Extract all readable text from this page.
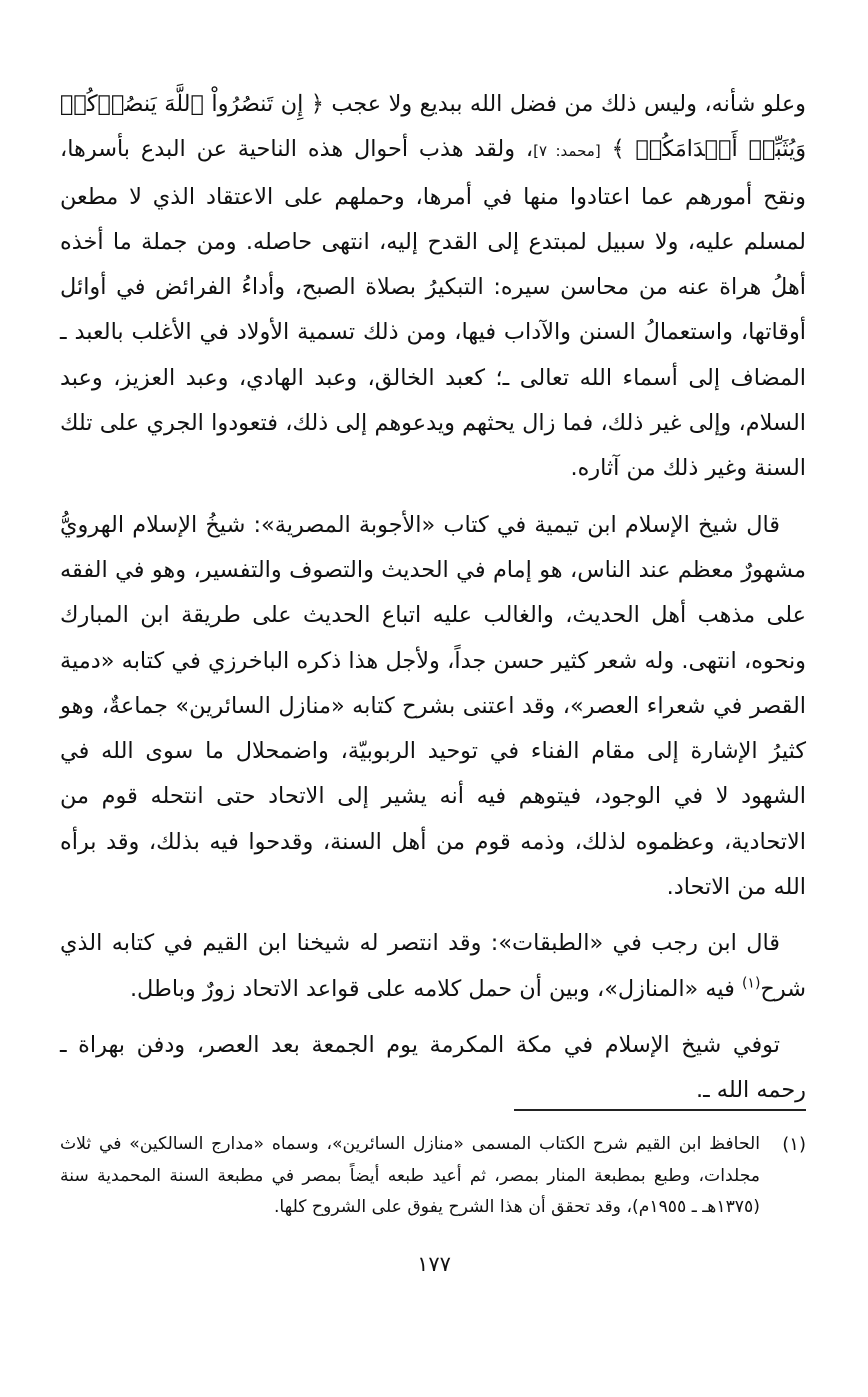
وعلو شأنه، وليس ذلك من فضل الله ببديع ولا عجب ﴿ إِن تَنصُرُواْ ٱللَّهَ يَنصُرۡكُمۡ وَيُثَبِّتۡ أَقۡدَامَكُمۡ ﴾ [محمد: ٧]، ولقد هذب أحوال هذه الناحية عن البدع بأسرها، ونقح أمورهم عما اعتادوا منها في أمرها، وحملهم على الاعتقاد الذي لا مطعن لمسلم عليه، ولا سبيل لمبتدع إلى القدح إليه، انتهى حاصله. ومن جملة ما أخذه أهلُ هراة عنه من محاسن سيره: التبكيرُ بصلاة الصبح، وأداءُ الفرائض في أوائل أوقاتها، واستعمالُ السنن والآداب فيها، ومن ذلك تسمية الأولاد في الأغلب بالعبد ـ المضاف إلى أسماء الله تعالى ـ؛ كعبد الخالق، وعبد الهادي، وعبد العزيز، وعبد السلام، وإلى غير ذلك، فما زال يحثهم ويدعوهم إلى ذلك، فتعودوا الجري على تلك السنة وغير ذلك من آثاره.

قال شيخ الإسلام ابن تيمية في كتاب «الأجوبة المصرية»: شيخُ الإسلام الهرويُّ مشهورٌ معظم عند الناس، هو إمام في الحديث والتصوف والتفسير، وهو في الفقه على مذهب أهل الحديث، والغالب عليه اتباع الحديث على طريقة ابن المبارك ونحوه، انتهى. وله شعر كثير حسن جداً، ولأجل هذا ذكره الباخرزي في كتابه «دمية القصر في شعراء العصر»، وقد اعتنى بشرح كتابه «منازل السائرين» جماعةٌ، وهو كثيرُ الإشارة إلى مقام الفناء في توحيد الربوبيّة، واضمحلال ما سوى الله في الشهود لا في الوجود، فيتوهم فيه أنه يشير إلى الاتحاد حتى انتحله قوم من الاتحادية، وعظموه لذلك، وذمه قوم من أهل السنة، وقدحوا فيه بذلك، وقد برأه الله من الاتحاد.

قال ابن رجب في «الطبقات»: وقد انتصر له شيخنا ابن القيم في كتابه الذي شرح$^{(١)}$ فيه «المنازل»، وبين أن حمل كلامه على قواعد الاتحاد زورٌ وباطل.

توفي شيخ الإسلام في مكة المكرمة يوم الجمعة بعد العصر، ودفن بهراة ـ رحمه الله ـ.

(١)

الحافظ ابن القيم شرح الكتاب المسمى «منازل السائرين»، وسماه «مدارج السالكين» في ثلاث مجلدات، وطبع بمطبعة المنار بمصر، ثم أعيد طبعه أيضاً بمصر في مطبعة السنة المحمدية سنة (١٣٧٥هـ ـ ١٩٥٥م)، وقد تحقق أن هذا الشرح يفوق على الشروح كلها.

١٧٧
